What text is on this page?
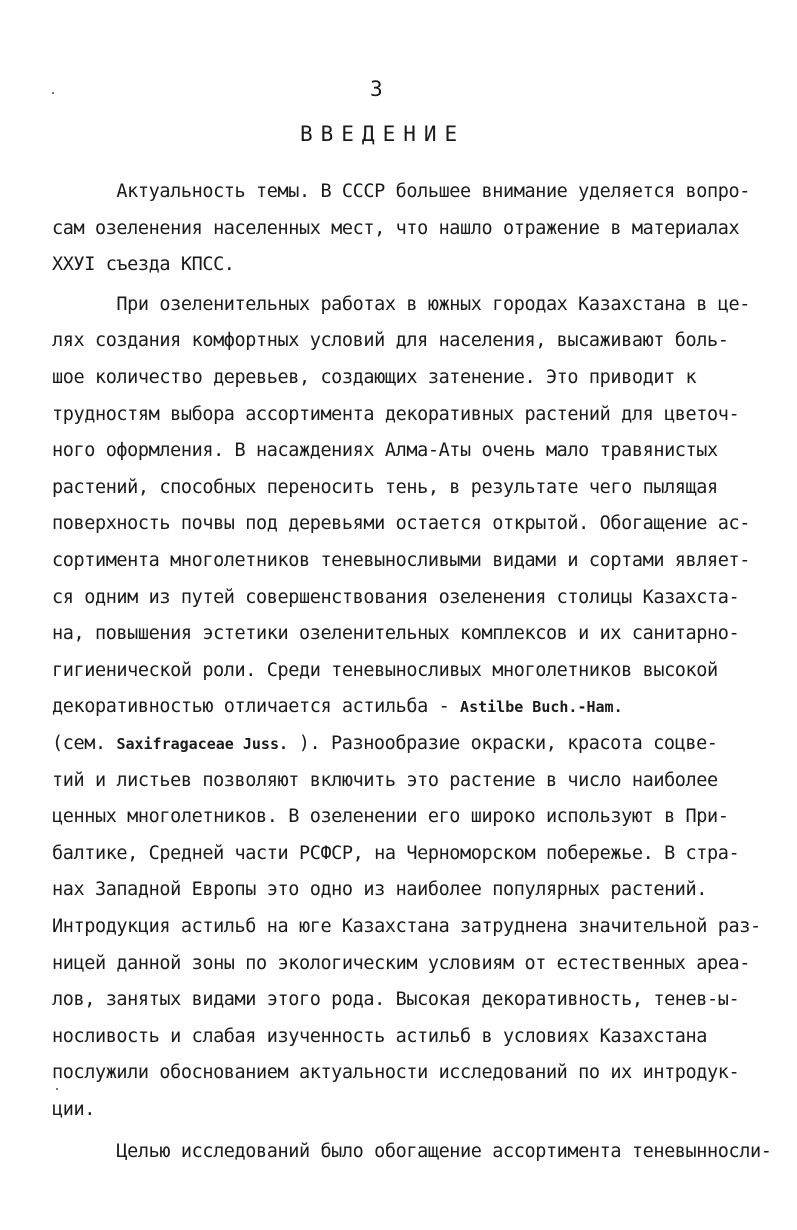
3
ВВЕДЕНИЕ
Актуальность темы. В СССР большее внимание уделяется вопро-
сам озеленения населенных мест, что нашло отражение в материалах
ХХУI съезда КПСС.
При озеленительных работах в южных городах Казахстана в це-
лях создания комфортных условий для населения, высаживают боль-
шое количество деревьев, создающих затенение. Это приводит к
трудностям выбора ассортимента декоративных растений для цветоч-
ного оформления. В насаждениях Алма-Аты очень мало травянистых
растений, способных переносить тень, в результате чего пылящая
поверхность почвы под деревьями остается открытой. Обогащение ас-
сортимента многолетников теневыносливыми видами и сортами являет-
ся одним из путей совершенствования озеленения столицы Казахста-
на, повышения эстетики озеленительных комплексов и их санитарно-
гигиенической роли. Среди теневыносливых многолетников высокой
декоративностью отличается астильба - Astilbe Buch.-Ham.
(сем. Saxifragaceae Juss. ). Разнообразие окраски, красота соцве-
тий и листьев позволяют включить это растение в число наиболее
ценных многолетников. В озеленении его широко используют в При-
балтике, Средней части РСФСР, на Черноморском побережье. В стра-
нах Западной Европы это одно из наиболее популярных растений.
Интродукция астильб на юге Казахстана затруднена значительной раз-
ницей данной зоны по экологическим условиям от естественных ареа-
лов, занятых видами этого рода. Высокая декоративность, тенев-ы-
носливость и слабая изученность астильб в условиях Казахстана
послужили обоснованием актуальности исследований по их интродук-
ции.
Целью исследований было обогащение ассортимента теневынносли-
